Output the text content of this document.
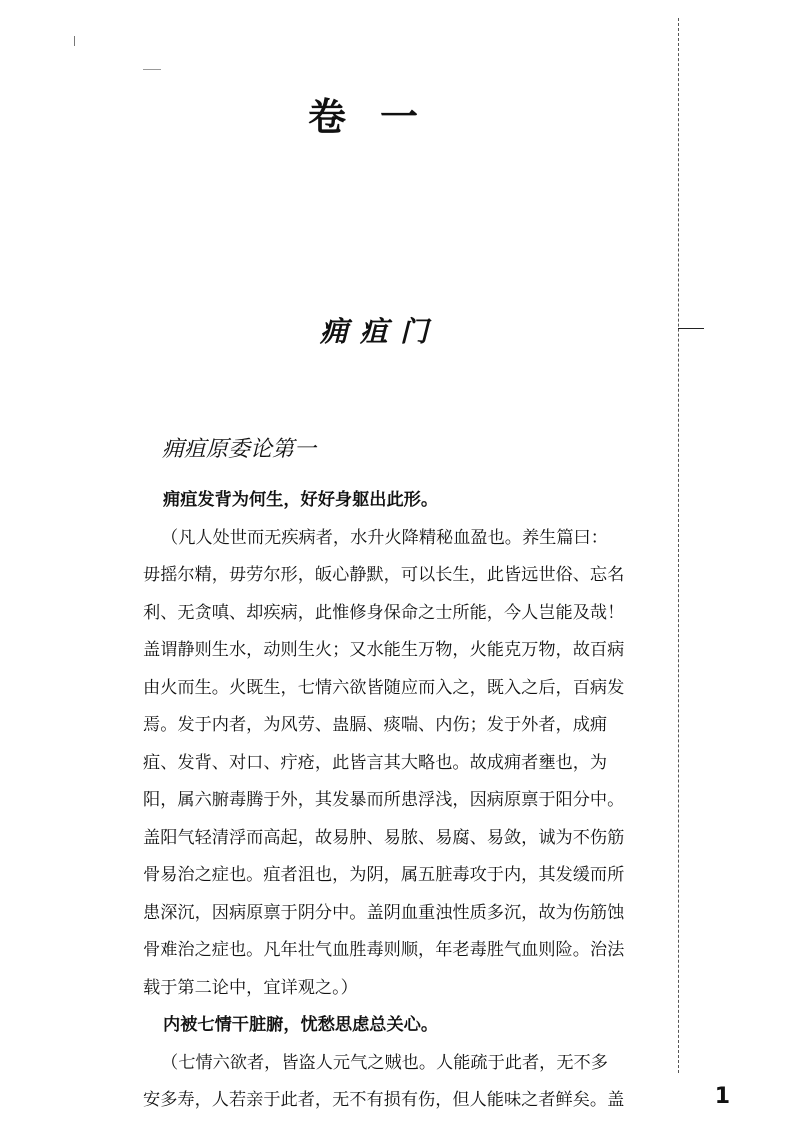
卷一
痈疽门
痈疽原委论第一
痈疽发背为何生，好好身躯出此形。
（凡人处世而无疾病者，水升火降精秘血盈也。养生篇曰：
毋摇尔精，毋劳尔形，皈心静默，可以长生，此皆远世俗、忘名
利、无贪嗔、却疾病，此惟修身保命之士所能，今人岂能及哉！
盖谓静则生水，动则生火；又水能生万物，火能克万物，故百病
由火而生。火既生，七情六欲皆随应而入之，既入之后，百病发
焉。发于内者，为风劳、蛊膈、痰喘、内伤；发于外者，成痈
疽、发背、对口、疔疮，此皆言其大略也。故成痈者壅也，为
阳，属六腑毒腾于外，其发暴而所患浮浅，因病原禀于阳分中。
盖阳气轻清浮而高起，故易肿、易脓、易腐、易敛，诚为不伤筋
骨易治之症也。疽者沮也，为阴，属五脏毒攻于内，其发缓而所
患深沉，因病原禀于阴分中。盖阴血重浊性质多沉，故为伤筋蚀
骨难治之症也。凡年壮气血胜毒则顺，年老毒胜气血则险。治法
载于第二论中，宜详观之。）
内被七情干脏腑，忧愁思虑总关心。
（七情六欲者，皆盗人元气之贼也。人能疏于此者，无不多
安多寿，人若亲于此者，无不有损有伤，但人能味之者鲜矣。盖	1
